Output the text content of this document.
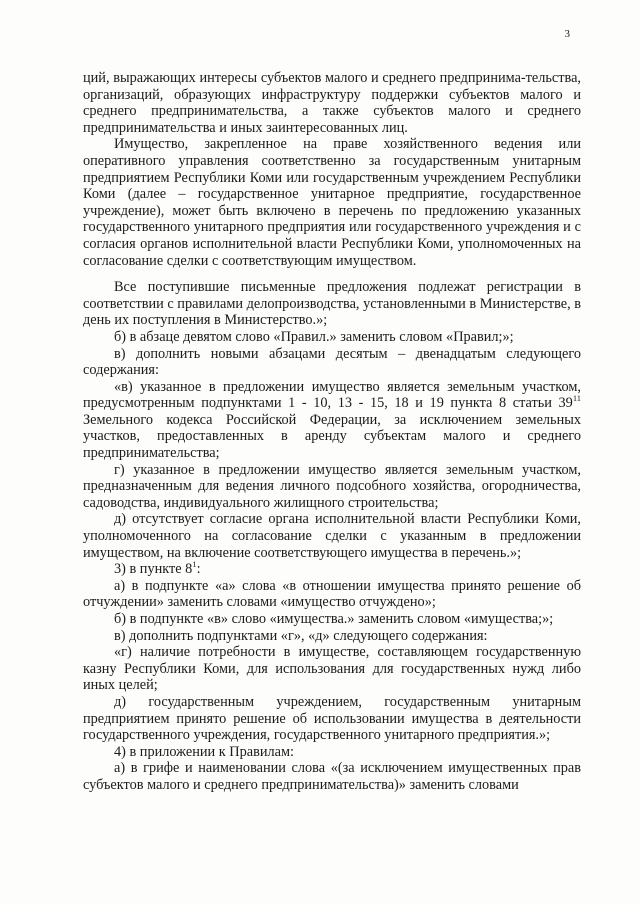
3

ций, выражающих интересы субъектов малого и среднего предпринима-тельства, организаций, образующих инфраструктуру поддержки субъектов малого и среднего предпринимательства, а также субъектов малого и среднего предпринимательства и иных заинтересованных лиц.

Имущество, закрепленное на праве хозяйственного ведения или оперативного управления соответственно за государственным унитарным предприятием Республики Коми или государственным учреждением Республики Коми (далее – государственное унитарное предприятие, государственное учреждение), может быть включено в перечень по предложению указанных государственного унитарного предприятия или государственного учреждения и с согласия органов исполнительной власти Республики Коми, уполномоченных на согласование сделки с соответствующим имуществом.

Все поступившие письменные предложения подлежат регистрации в соответствии с правилами делопроизводства, установленными в Министерстве, в день их поступления в Министерство.»;

б) в абзаце девятом слово «Правил.» заменить словом «Правил;»;

в) дополнить новыми абзацами десятым – двенадцатым следующего содержания:

«в) указанное в предложении имущество является земельным участком, предусмотренным подпунктами 1 - 10, 13 - 15, 18 и 19 пункта 8 статьи $39^{11}$ Земельного кодекса Российской Федерации, за исключением земельных участков, предоставленных в аренду субъектам малого и среднего предпринимательства;

г) указанное в предложении имущество является земельным участком, предназначенным для ведения личного подсобного хозяйства, огородничества, садоводства, индивидуального жилищного строительства;

д) отсутствует согласие органа исполнительной власти Республики Коми, уполномоченного на согласование сделки с указанным в предложении имуществом, на включение соответствующего имущества в перечень.»;

3) в пункте $8^1$:

а) в подпункте «а» слова «в отношении имущества принято решение об отчуждении» заменить словами «имущество отчуждено»;

б) в подпункте «в» слово «имущества.» заменить словом «имущества;»;

в) дополнить подпунктами «г», «д» следующего содержания:

«г) наличие потребности в имуществе, составляющем государственную казну Республики Коми, для использования для государственных нужд либо иных целей;

д) государственным учреждением, государственным унитарным предприятием принято решение об использовании имущества в деятельности государственного учреждения, государственного унитарного предприятия.»;

4) в приложении к Правилам:

а) в грифе и наименовании слова «(за исключением имущественных прав субъектов малого и среднего предпринимательства)» заменить словами
